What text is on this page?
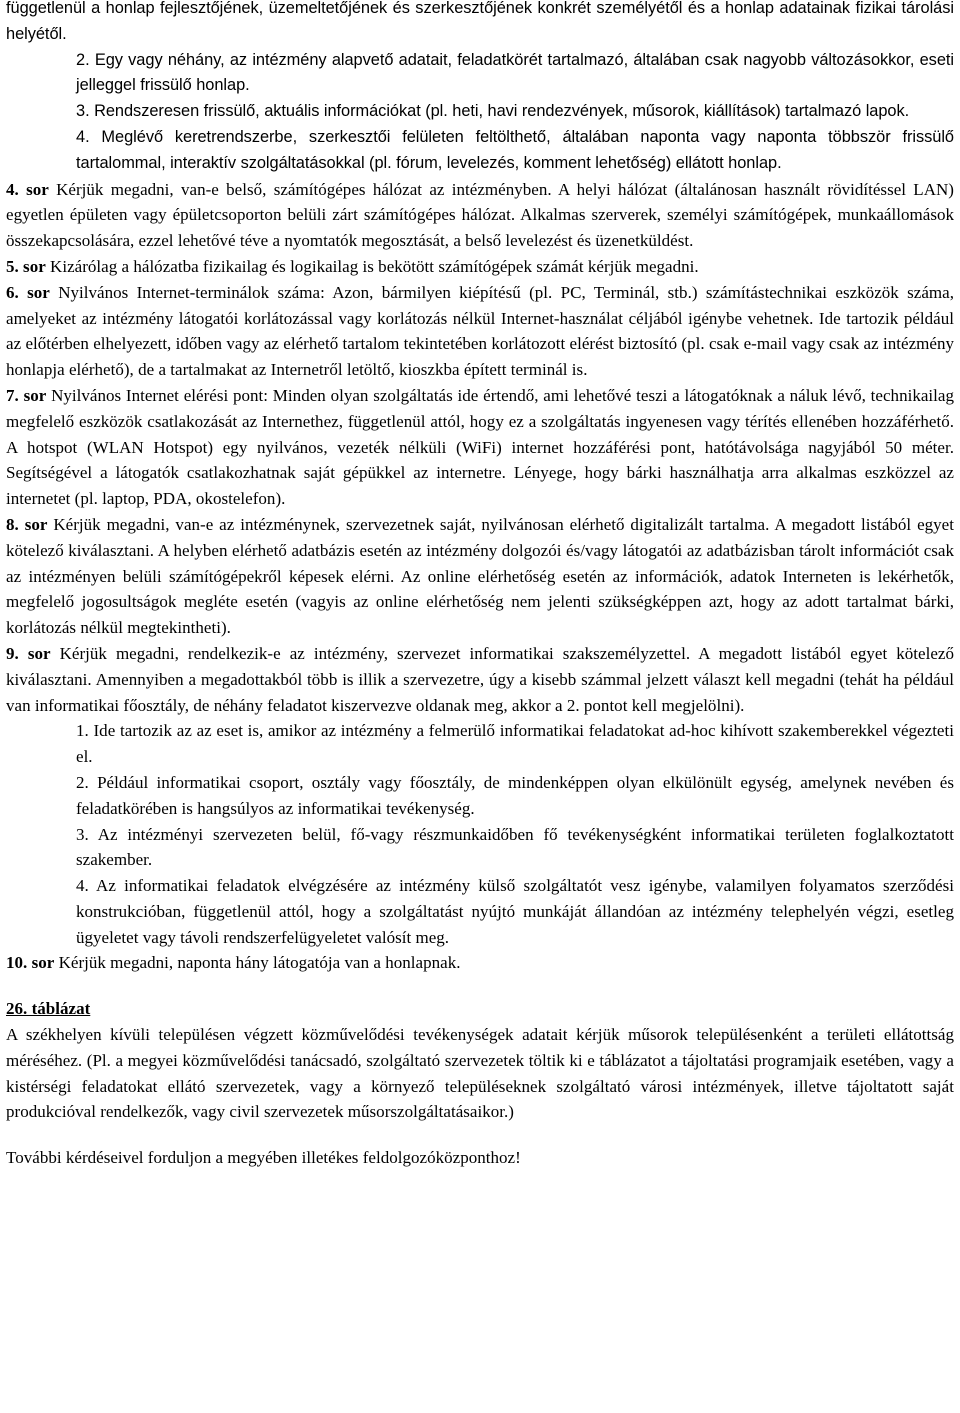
függetlenül a honlap fejlesztőjének, üzemeltetőjének és szerkesztőjének konkrét személyétől és a honlap adatainak fizikai tárolási helyétől.

2. Egy vagy néhány, az intézmény alapvető adatait, feladatkörét tartalmazó, általában csak nagyobb változásokkor, eseti jelleggel frissülő honlap.

3. Rendszeresen frissülő, aktuális információkat (pl. heti, havi rendezvények, műsorok, kiállítások) tartalmazó lapok.

4. Meglévő keretrendszerbe, szerkesztői felületen feltölthető, általában naponta vagy naponta többször frissülő tartalommal, interaktív szolgáltatásokkal (pl. fórum, levelezés, komment lehetőség) ellátott honlap.

4. sor Kérjük megadni, van-e belső, számítógépes hálózat az intézményben. A helyi hálózat (általánosan használt rövidítéssel LAN) egyetlen épületen vagy épületcsoporton belüli zárt számítógépes hálózat. Alkalmas szerverek, személyi számítógépek, munkaállomások összekapcsolására, ezzel lehetővé téve a nyomtatók megosztását, a belső levelezést és üzenetküldést.

5. sor Kizárólag a hálózatba fizikailag és logikailag is bekötött számítógépek számát kérjük megadni.

6. sor Nyilvános Internet-terminálok száma: Azon, bármilyen kiépítésű (pl. PC, Terminál, stb.) számítástechnikai eszközök száma, amelyeket az intézmény látogatói korlátozással vagy korlátozás nélkül Internet-használat céljából igénybe vehetnek. Ide tartozik például az előtérben elhelyezett, időben vagy az elérhető tartalom tekintetében korlátozott elérést biztosító (pl. csak e-mail vagy csak az intézmény honlapja elérhető), de a tartalmakat az Internetről letöltő, kioszkba épített terminál is.

7. sor Nyilvános Internet elérési pont: Minden olyan szolgáltatás ide értendő, ami lehetővé teszi a látogatóknak a náluk lévő, technikailag megfelelő eszközök csatlakozását az Internethez, függetlenül attól, hogy ez a szolgáltatás ingyenesen vagy térítés ellenében hozzáférhető. A hotspot (WLAN Hotspot) egy nyilvános, vezeték nélküli (WiFi) internet hozzáférési pont, hatótávolsága nagyjából 50 méter. Segítségével a látogatók csatlakozhatnak saját gépükkel az internetre. Lényege, hogy bárki használhatja arra alkalmas eszközzel az internetet (pl. laptop, PDA, okostelefon).

8. sor Kérjük megadni, van-e az intézménynek, szervezetnek saját, nyilvánosan elérhető digitalizált tartalma. A megadott listából egyet kötelező kiválasztani. A helyben elérhető adatbázis esetén az intézmény dolgozói és/vagy látogatói az adatbázisban tárolt információt csak az intézményen belüli számítógépekről képesek elérni. Az online elérhetőség esetén az információk, adatok Interneten is lekérhetők, megfelelő jogosultságok megléte esetén (vagyis az online elérhetőség nem jelenti szükségképpen azt, hogy az adott tartalmat bárki, korlátozás nélkül megtekintheti).

9. sor Kérjük megadni, rendelkezik-e az intézmény, szervezet informatikai szakszemélyzettel. A megadott listából egyet kötelező kiválasztani. Amennyiben a megadottakból több is illik a szervezetre, úgy a kisebb számmal jelzett választ kell megadni (tehát ha például van informatikai főosztály, de néhány feladatot kiszervezve oldanak meg, akkor a 2. pontot kell megjelölni).

1. Ide tartozik az az eset is, amikor az intézmény a felmerülő informatikai feladatokat ad-hoc kihívott szakemberekkel végezteti el.

2. Például informatikai csoport, osztály vagy főosztály, de mindenképpen olyan elkülönült egység, amelynek nevében és feladatkörében is hangsúlyos az informatikai tevékenység.

3. Az intézményi szervezeten belül, fő-vagy részmunkaidőben fő tevékenységként informatikai területen foglalkoztatott szakember.

4. Az informatikai feladatok elvégzésére az intézmény külső szolgáltatót vesz igénybe, valamilyen folyamatos szerződési konstrukcióban, függetlenül attól, hogy a szolgáltatást nyújtó munkáját állandóan az intézmény telephelyén végzi, esetleg ügyeletet vagy távoli rendszerfelügyeletet valósít meg.

10. sor Kérjük megadni, naponta hány látogatója van a honlapnak.

26. táblázat

A székhelyen kívüli településen végzett közművelődési tevékenységek adatait kérjük műsorok településenként a területi ellátottság méréséhez. (Pl. a megyei közművelődési tanácsadó, szolgáltató szervezetek töltik ki e táblázatot a tájoltatási programjaik esetében, vagy a kistérségi feladatokat ellátó szervezetek, vagy a környező településeknek szolgáltató városi intézmények, illetve tájoltatott saját produkcióval rendelkezők, vagy civil szervezetek műsorszolgáltatásaikor.)

További kérdéseivel forduljon a megyében illetékes feldolgozóközponthoz!
